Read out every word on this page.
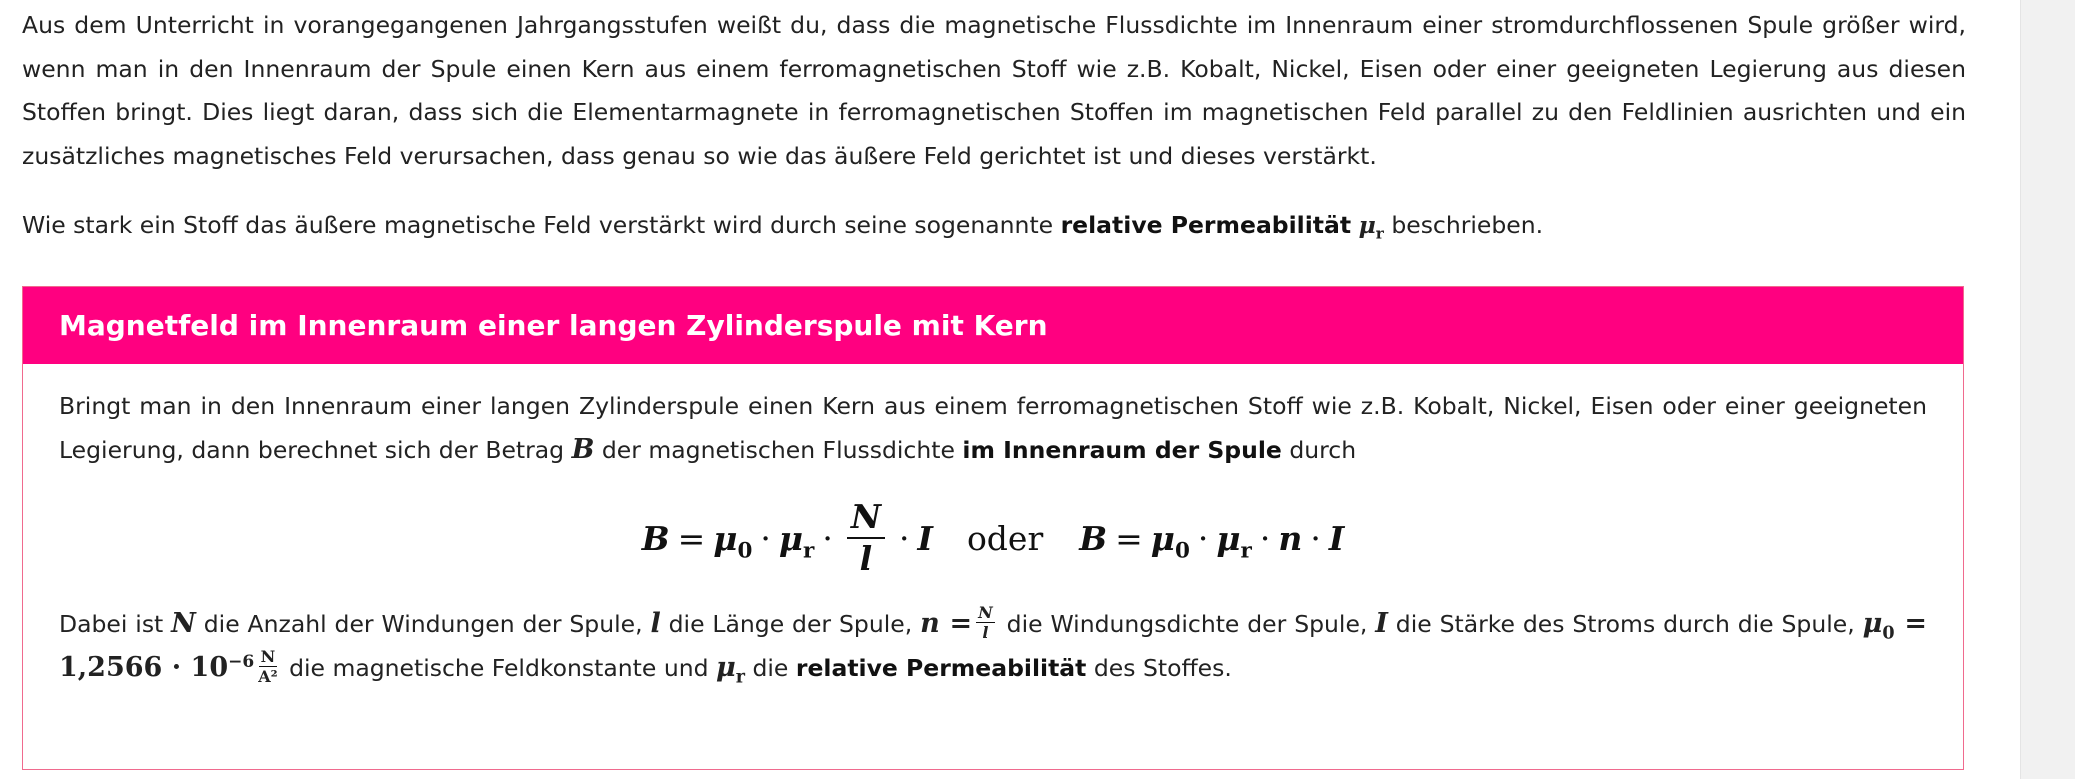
Aus dem Unterricht in vorangegangenen Jahrgangsstufen weißt du, dass die magnetische Flussdichte im Innenraum einer stromdurchflossenen Spule größer wird, wenn man in den Innenraum der Spule einen Kern aus einem ferromagnetischen Stoff wie z.B. Kobalt, Nickel, Eisen oder einer geeigneten Legierung aus diesen Stoffen bringt. Dies liegt daran, dass sich die Elementarmagnete in ferromagnetischen Stoffen im magnetischen Feld parallel zu den Feldlinien ausrichten und ein zusätzliches magnetisches Feld verursachen, dass genau so wie das äußere Feld gerichtet ist und dieses verstärkt.

Wie stark ein Stoff das äußere magnetische Feld verstärkt wird durch seine sogenannte relative Permeabilität $\mu_r$ beschrieben.

Magnetfeld im Innenraum einer langen Zylinderspule mit Kern

Bringt man in den Innenraum einer langen Zylinderspule einen Kern aus einem ferromagnetischen Stoff wie z.B. Kobalt, Nickel, Eisen oder einer geeigneten Legierung, dann berechnet sich der Betrag B der magnetischen Flussdichte im Innenraum der Spule durch

$B = \mu_0 \cdot \mu_r \cdot \frac{N}{l} \cdot I$ oder $B = \mu_0 \cdot \mu_r \cdot n \cdot I$

Dabei ist N die Anzahl der Windungen der Spule, l die Länge der Spule, $n = \frac{N}{l}$ die Windungsdichte der Spule, I die Stärke des Stroms durch die Spule, $\mu_0 = 1,2566 \cdot 10^{-6} \frac{N}{\text{A²}}$ die magnetische Feldkonstante und $\mu_r$ die relative Permeabilität des Stoffes.
